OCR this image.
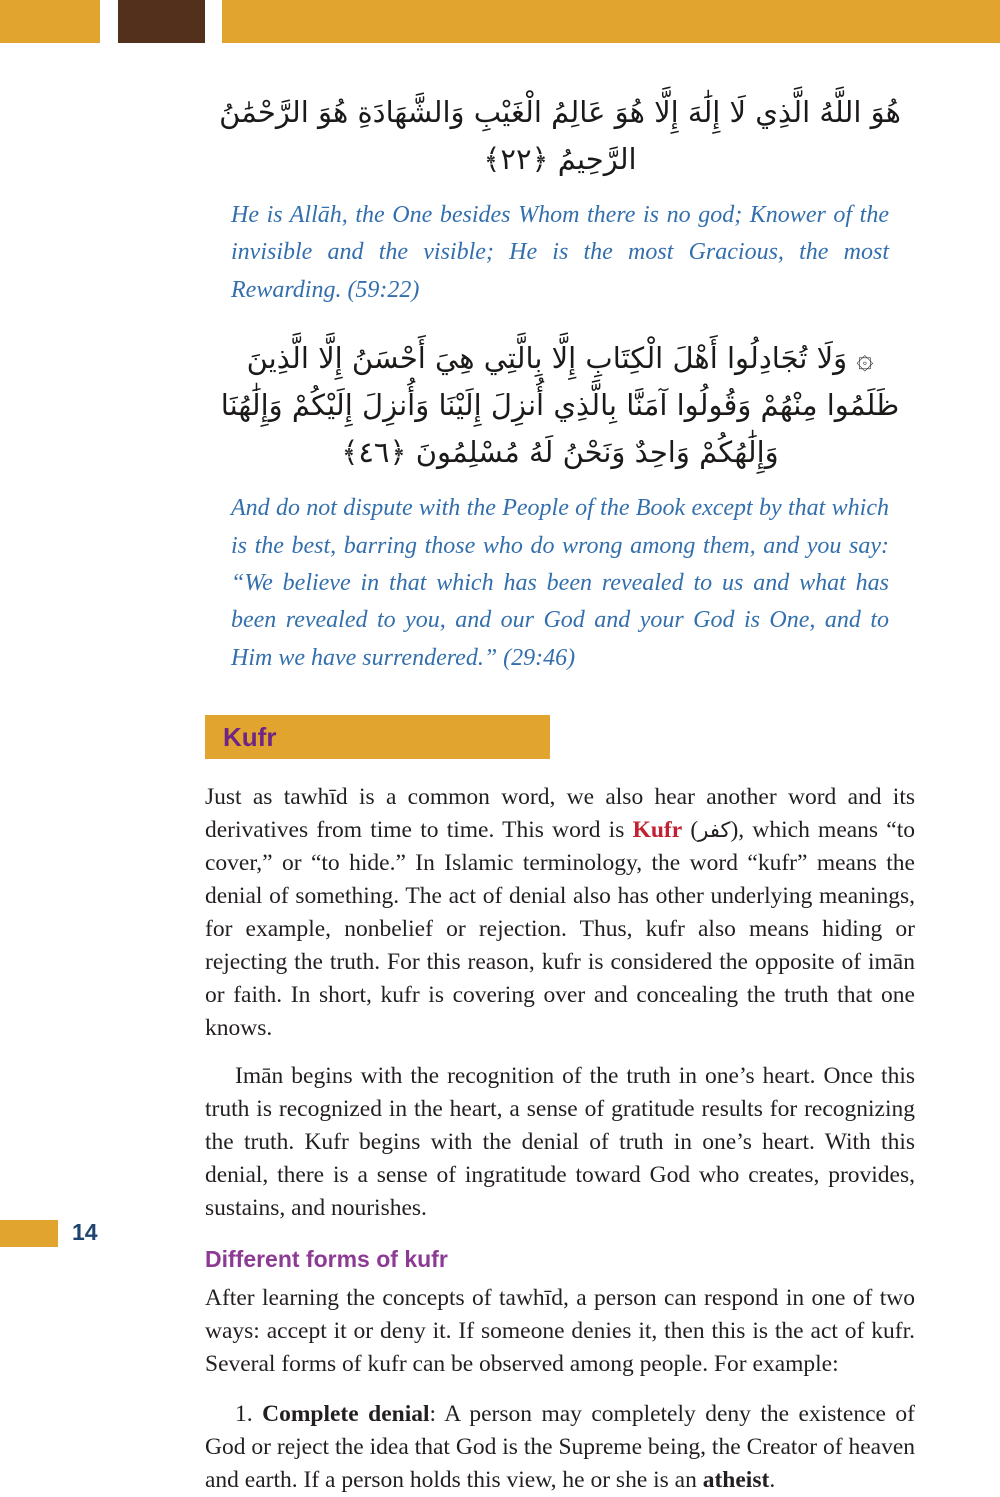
هُوَ اللَّهُ الَّذِي لَا إِلَٰهَ إِلَّا هُوَ عَالِمُ الْغَيْبِ وَالشَّهَادَةِ هُوَ الرَّحْمَٰنُ الرَّحِيمُ ﴿٢٢﴾
He is Allāh, the One besides Whom there is no god; Knower of the invisible and the visible; He is the most Gracious, the most Rewarding. (59:22)
۞ وَلَا تُجَادِلُوا أَهْلَ الْكِتَابِ إِلَّا بِالَّتِي هِيَ أَحْسَنُ إِلَّا الَّذِينَ ظَلَمُوا مِنْهُمْ وَقُولُوا آمَنَّا بِالَّذِي أُنزِلَ إِلَيْنَا وَأُنزِلَ إِلَيْكُمْ وَإِلَٰهُنَا وَإِلَٰهُكُمْ وَاحِدٌ وَنَحْنُ لَهُ مُسْلِمُونَ ﴿٤٦﴾
And do not dispute with the People of the Book except by that which is the best, barring those who do wrong among them, and you say: “We believe in that which has been revealed to us and what has been revealed to you, and our God and your God is One, and to Him we have surrendered.” (29:46)
Kufr

Just as tawhīd is a common word, we also hear another word and its derivatives from time to time. This word is Kufr (كفر), which means “to cover,” or “to hide.” In Islamic terminology, the word “kufr” means the denial of something. The act of denial also has other underlying meanings, for example, nonbelief or rejection. Thus, kufr also means hiding or rejecting the truth. For this reason, kufr is considered the opposite of imān or faith. In short, kufr is covering over and concealing the truth that one knows.

Imān begins with the recognition of the truth in one’s heart. Once this truth is recognized in the heart, a sense of gratitude results for recognizing the truth. Kufr begins with the denial of truth in one’s heart. With this denial, there is a sense of ingratitude toward God who creates, provides, sustains, and nourishes.

Different forms of kufr

After learning the concepts of tawhīd, a person can respond in one of two ways: accept it or deny it. If someone denies it, then this is the act of kufr. Several forms of kufr can be observed among people. For example:

1. Complete denial: A person may completely deny the existence of God or reject the idea that God is the Supreme being, the Creator of heaven and earth. If a person holds this view, he or she is an atheist.

14
